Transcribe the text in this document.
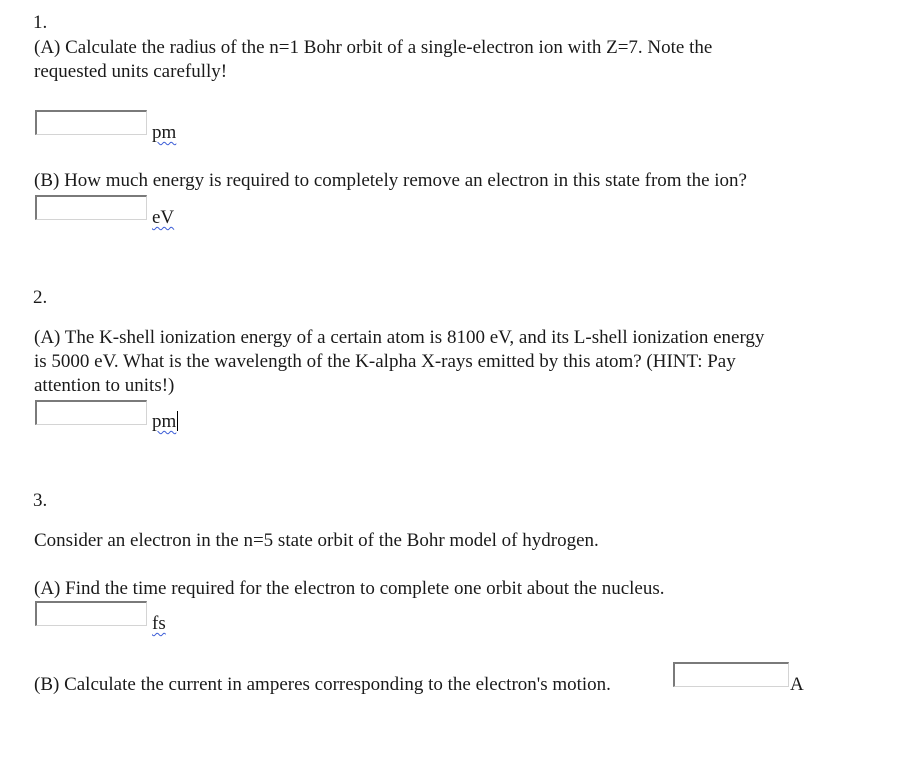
1.
(A) Calculate the radius of the n=1 Bohr orbit of a single-electron ion with Z=7. Note the
requested units carefully!
pm
(B) How much energy is required to completely remove an electron in this state from the ion?
eV
2.
(A) The K-shell ionization energy of a certain atom is 8100 eV, and its L-shell ionization energy
is 5000 eV. What is the wavelength of the K-alpha X-rays emitted by this atom? (HINT: Pay
attention to units!)
pm
3.
Consider an electron in the n=5 state orbit of the Bohr model of hydrogen.
(A) Find the time required for the electron to complete one orbit about the nucleus.
fs
(B) Calculate the current in amperes corresponding to the electron's motion.	A
